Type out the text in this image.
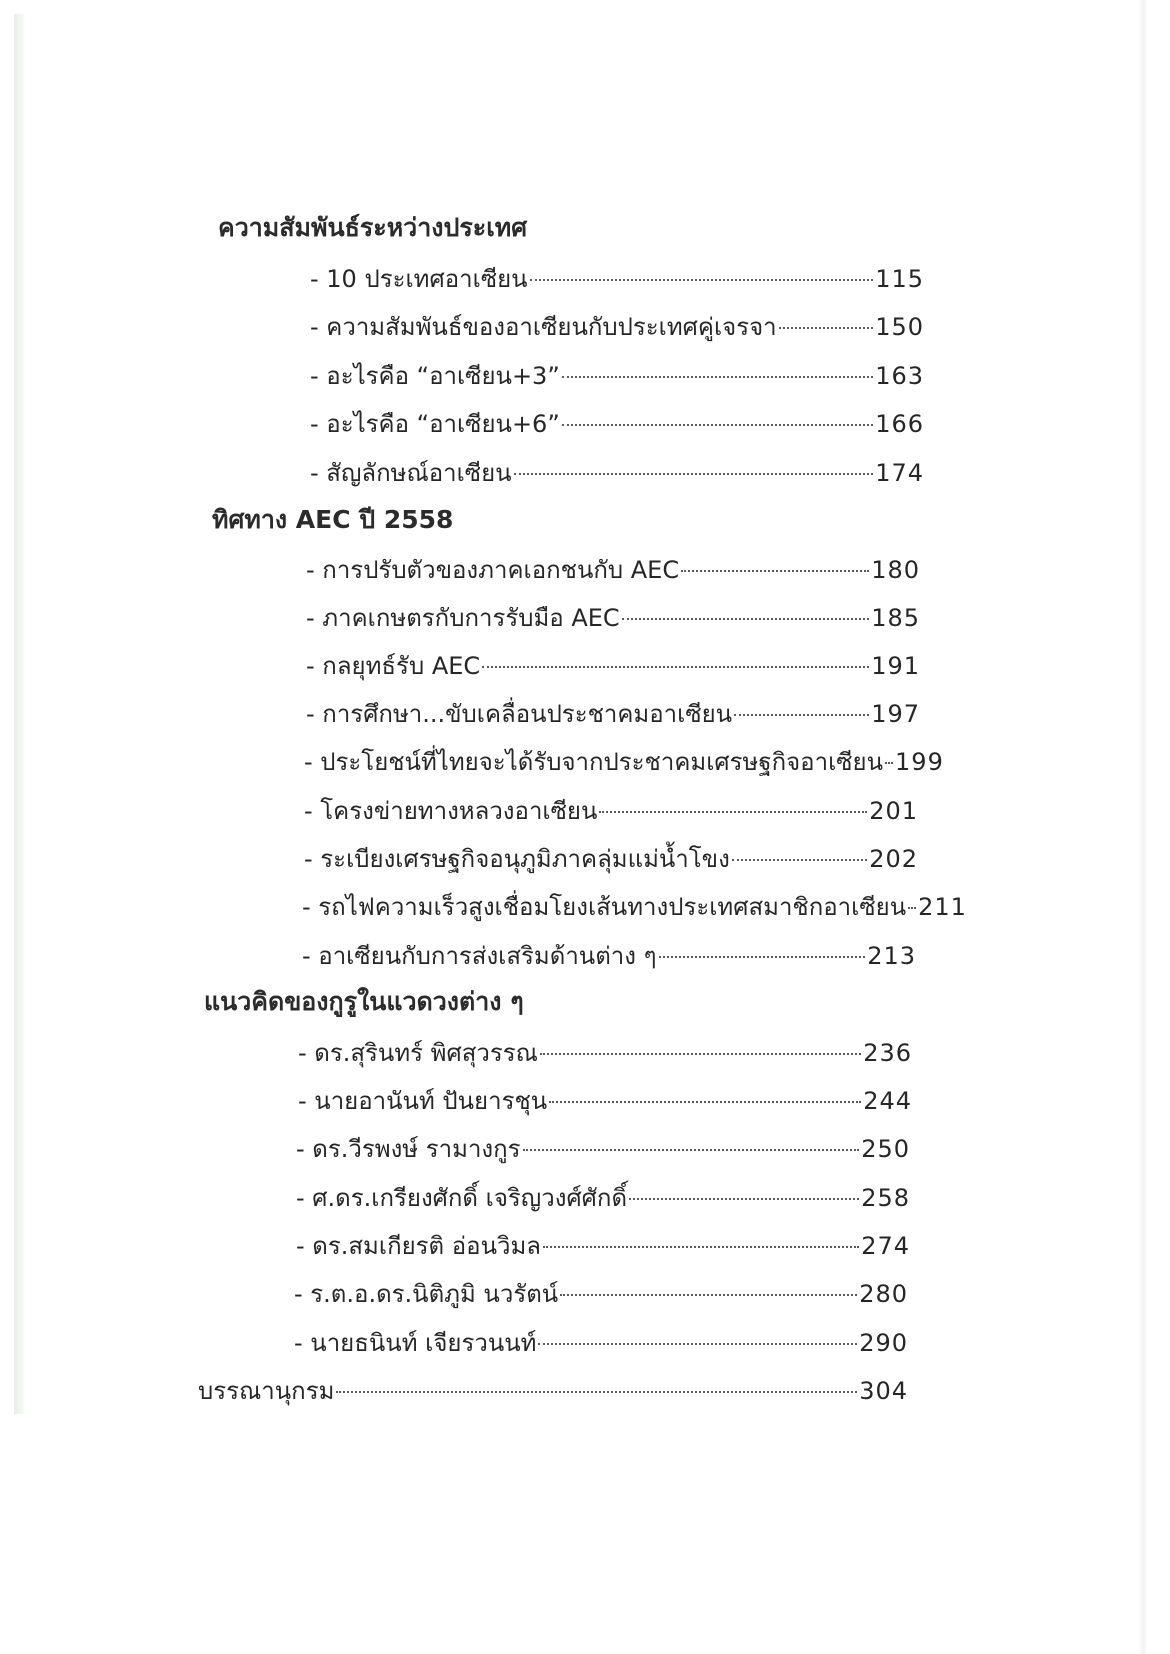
ความสัมพันธ์ระหว่างประเทศ
- 10 ประเทศอาเซียน	115
- ความสัมพันธ์ของอาเซียนกับประเทศคู่เจรจา	150
- อะไรคือ “อาเซียน+3”	163
- อะไรคือ “อาเซียน+6”	166
- สัญลักษณ์อาเซียน	174
ทิศทาง AEC ปี 2558
- การปรับตัวของภาคเอกชนกับ AEC	180
- ภาคเกษตรกับการรับมือ AEC	185
- กลยุทธ์รับ AEC	191
- การศึกษา...ขับเคลื่อนประชาคมอาเซียน	197
- ประโยชน์ที่ไทยจะได้รับจากประชาคมเศรษฐกิจอาเซียน 199
- โครงข่ายทางหลวงอาเซียน	201
- ระเบียงเศรษฐกิจอนุภูมิภาคลุ่มแม่น้ำโขง	202
- รถไฟความเร็วสูงเชื่อมโยงเส้นทางประเทศสมาชิกอาเซียน 211
- อาเซียนกับการส่งเสริมด้านต่าง ๆ	213
แนวคิดของกูรูในแวดวงต่าง ๆ
- ดร.สุรินทร์ พิศสุวรรณ	236
- นายอานันท์ ปันยารชุน	244
- ดร.วีรพงษ์ รามางกูร	250
- ศ.ดร.เกรียงศักดิ์ เจริญวงศ์ศักดิ์	258
- ดร.สมเกียรติ อ่อนวิมล	274
- ร.ต.อ.ดร.นิติภูมิ นวรัตน์	280
- นายธนินท์ เจียรวนนท์	290
บรรณานุกรม	304
